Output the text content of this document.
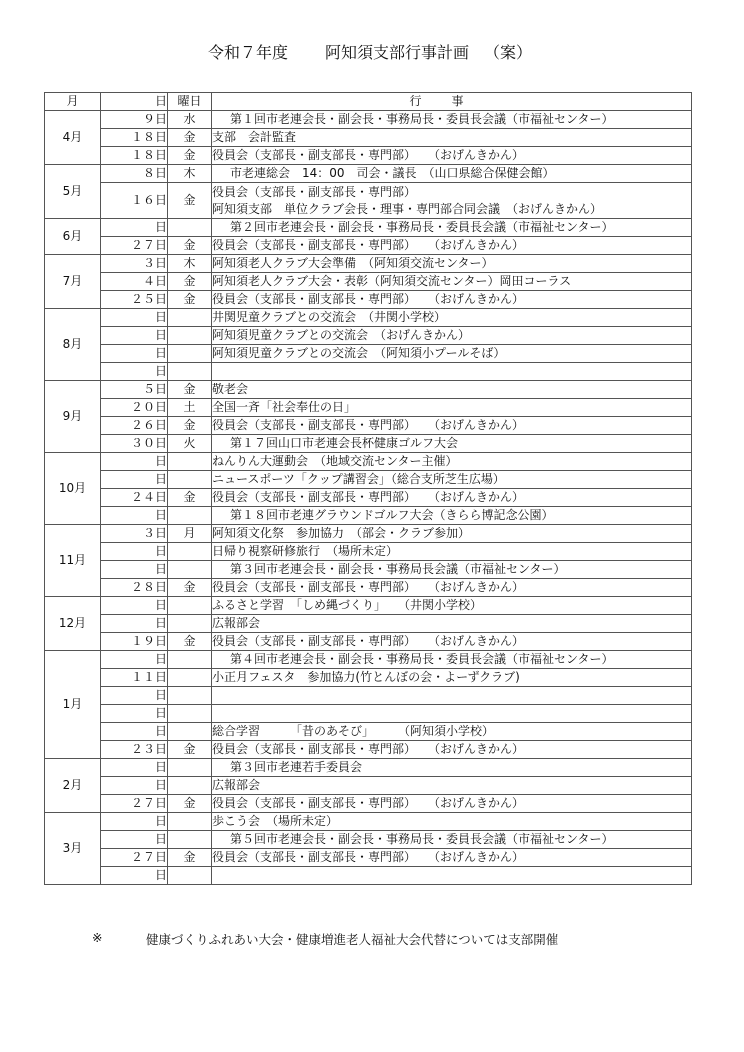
令和７年度 阿知須支部行事計画 （案）
月	日	曜日	行事
4月	９日	水	第１回市老連会長・副会長・事務局長・委員長会議（市福祉センター）
	１８日	金	支部　会計監査
	１８日	金	役員会（支部長・副支部長・専門部）　　（おげんきかん）
5月	８日	木	市老連総会　14：00　司会・議長　（山口県総合保健会館）
	１６日	金	役員会（支部長・副支部長・専門部）
阿知須支部　単位クラブ会長・理事・専門部合同会議　（おげんきかん）

6月	日		第２回市老連会長・副会長・事務局長・委員長会議（市福祉センター）
	２７日	金	役員会（支部長・副支部長・専門部）　　（おげんきかん）
7月	３日	木	阿知須老人クラブ大会準備　（阿知須交流センター）
	４日	金	阿知須老人クラブ大会・表彰（阿知須交流センター）岡田コーラス
	２５日	金	役員会（支部長・副支部長・専門部）　　（おげんきかん）
8月	日		井関児童クラブとの交流会　（井関小学校）
	日		阿知須児童クラブとの交流会　（おげんきかん）
	日		阿知須児童クラブとの交流会　（阿知須小プールそば）
	日		
9月	５日	金	敬老会
	２０日	土	全国一斉「社会奉仕の日」
	２６日	金	役員会（支部長・副支部長・専門部）　　（おげんきかん）
	３０日	火	第１７回山口市老連会長杯健康ゴルフ大会
10月	日		ねんりん大運動会　（地域交流センター主催）
	日		ニュースポーツ「クップ講習会」（総合支所芝生広場）
	２４日	金	役員会（支部長・副支部長・専門部）　　（おげんきかん）
	日		第１８回市老連グラウンドゴルフ大会（きらら博記念公園）
11月	３日	月	阿知須文化祭　参加協力　（部会・クラブ参加）
	日		日帰り視察研修旅行　（場所未定）
	日		第３回市老連会長・副会長・事務局長会議（市福祉センター）
	２８日	金	役員会（支部長・副支部長・専門部）　　（おげんきかん）
12月	日		ふるさと学習　「しめ縄づくり」　　（井関小学校）
	日		広報部会
	１９日	金	役員会（支部長・副支部長・専門部）　　（おげんきかん）
1月	日		第４回市老連会長・副会長・事務局長・委員長会議（市福祉センター）
	１１日		小正月フェスタ　参加協力(竹とんぼの会・よーずクラブ)
	日		
	日		
	日		総合学習　　　「昔のあそび」　　　（阿知須小学校）
	２３日	金	役員会（支部長・副支部長・専門部）　　（おげんきかん）
2月	日		第３回市老連若手委員会
	日		広報部会
	２７日	金	役員会（支部長・副支部長・専門部）　　（おげんきかん）
3月	日		歩こう会　（場所未定）
	日		第５回市老連会長・副会長・事務局長・委員長会議（市福祉センター）
	２７日	金	役員会（支部長・副支部長・専門部）　　（おげんきかん）
	日		
※	健康づくりふれあい大会・健康増進老人福祉大会代替については支部開催
